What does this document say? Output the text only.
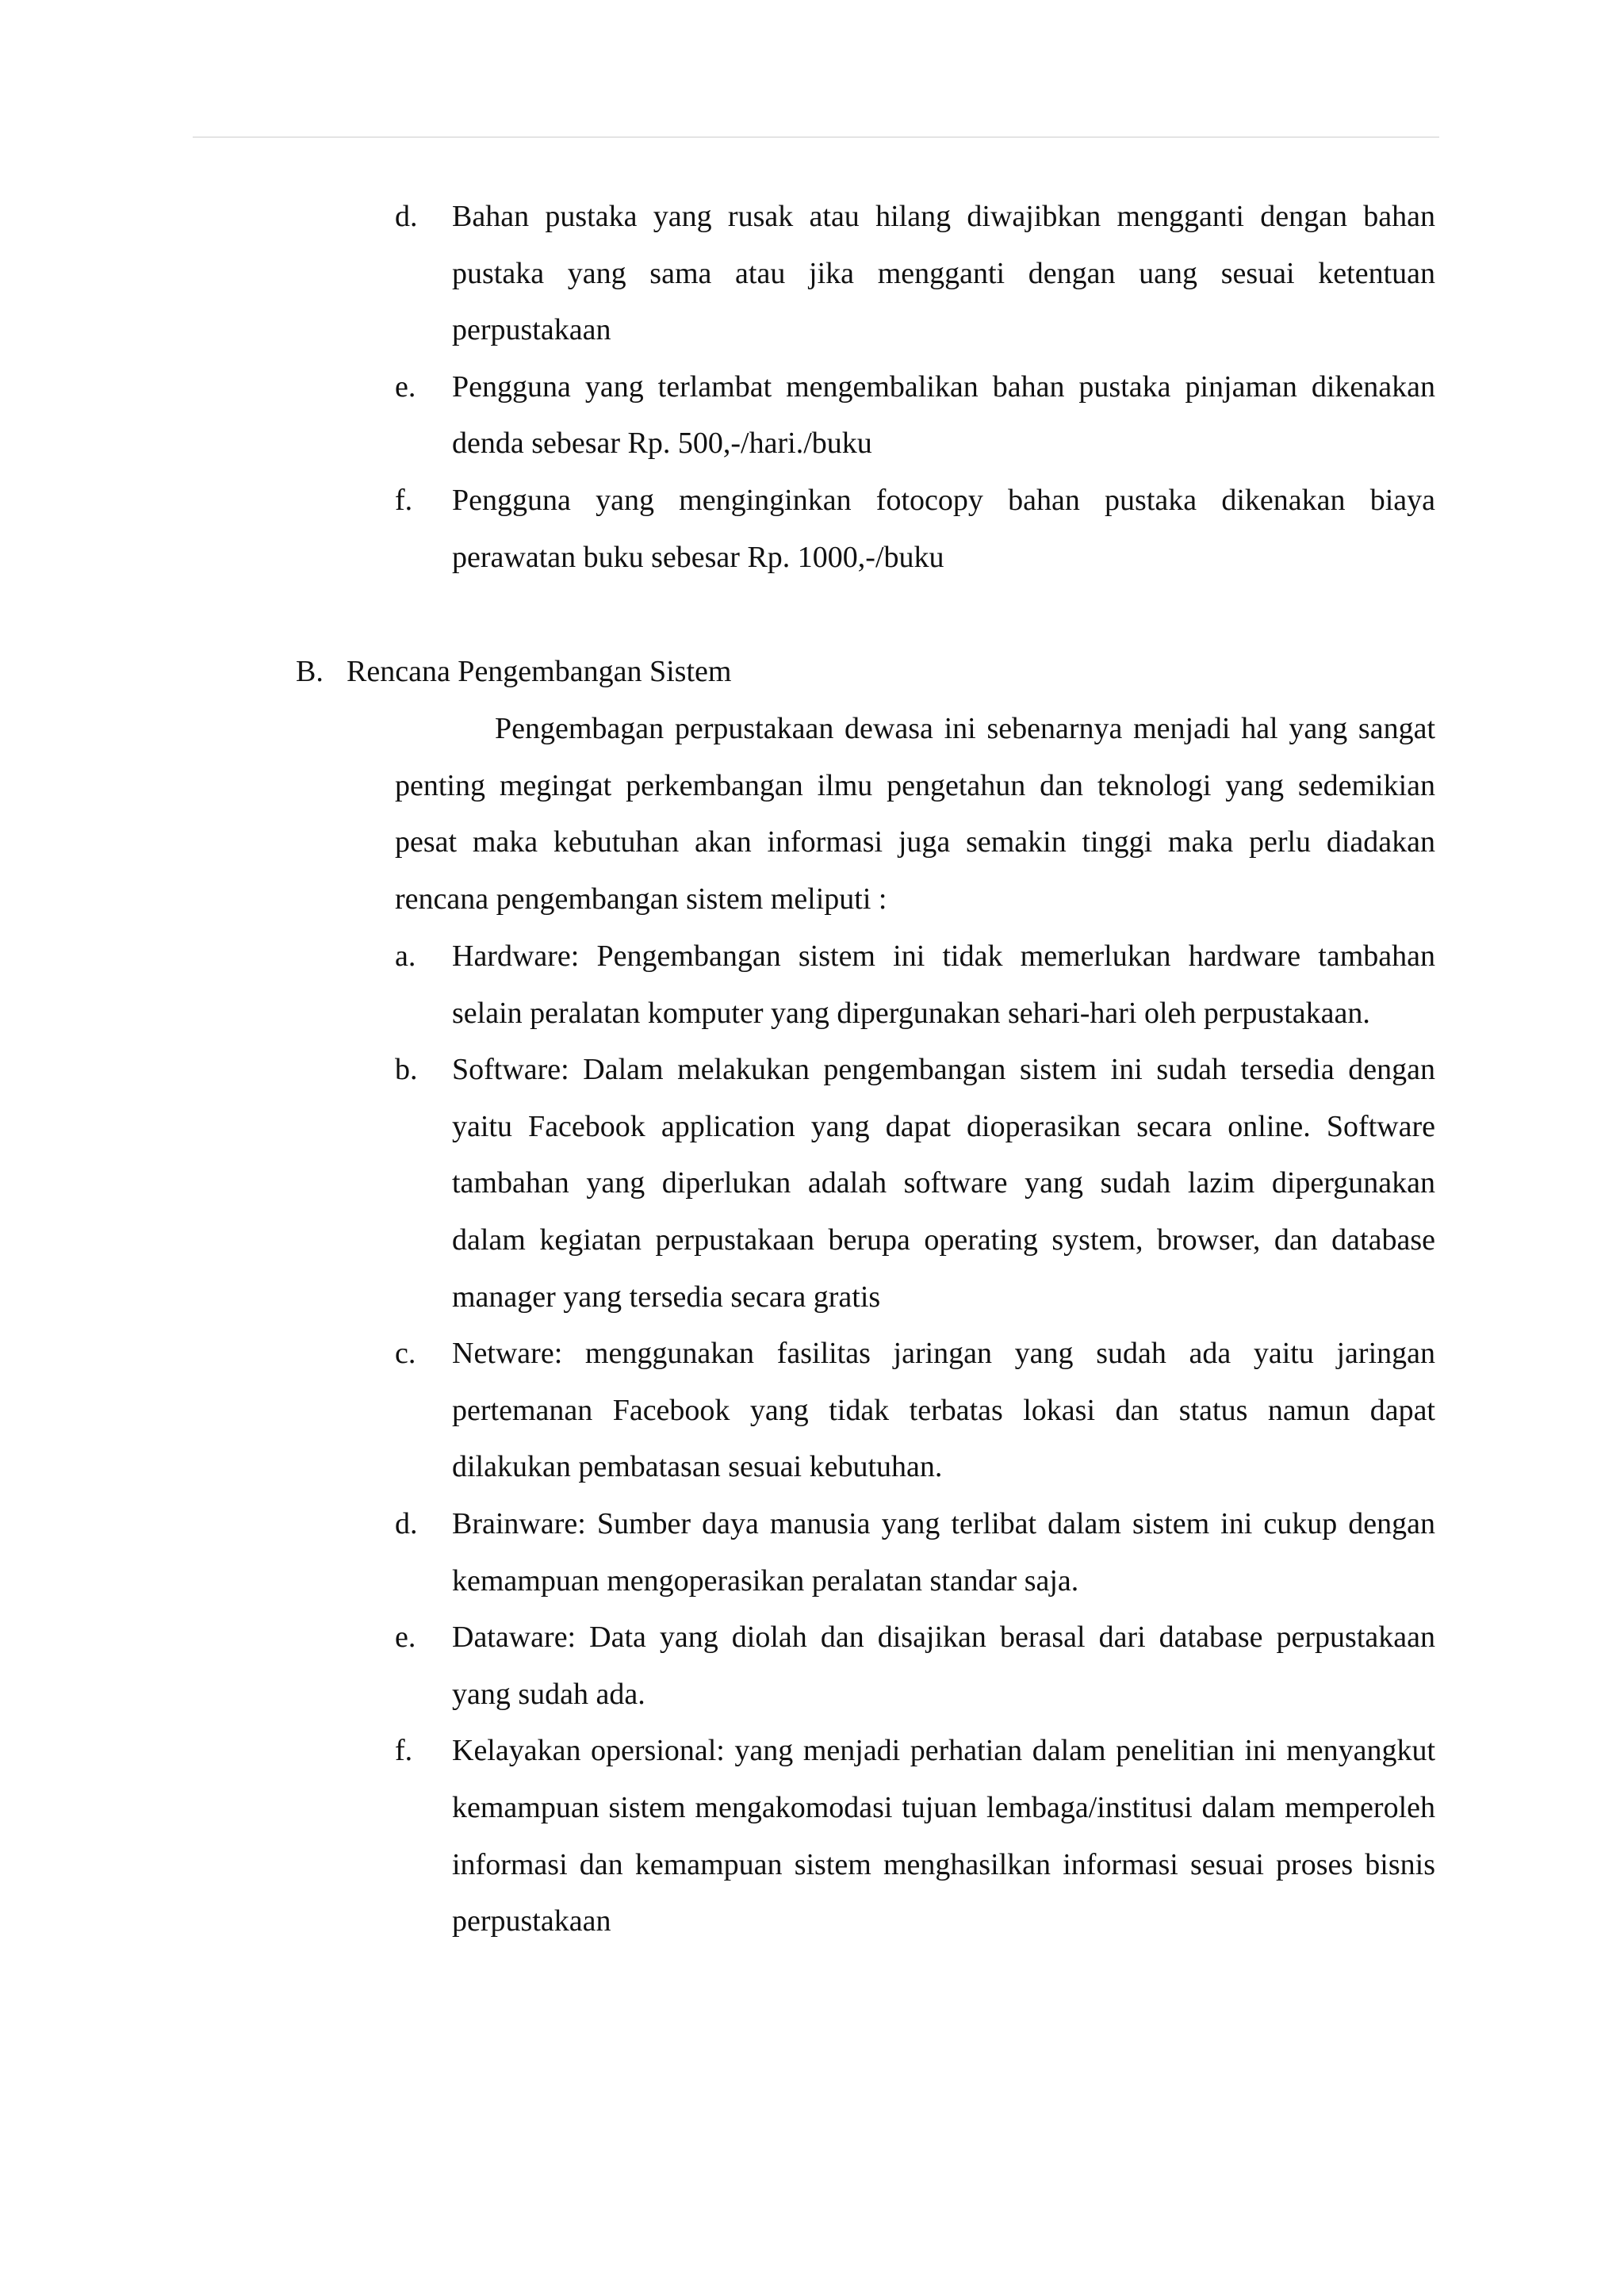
d. Bahan pustaka yang rusak atau hilang diwajibkan mengganti dengan bahan pustaka yang sama atau jika mengganti dengan uang sesuai ketentuan perpustakaan
e. Pengguna yang terlambat mengembalikan bahan pustaka pinjaman dikenakan denda sebesar Rp. 500,-/hari./buku
f. Pengguna yang menginginkan fotocopy bahan pustaka dikenakan biaya perawatan buku sebesar Rp. 1000,-/buku
B. Rencana Pengembangan Sistem

Pengembagan perpustakaan dewasa ini sebenarnya menjadi hal yang sangat penting megingat perkembangan ilmu pengetahun dan teknologi yang sedemikian pesat maka kebutuhan akan informasi juga semakin tinggi maka perlu diadakan rencana pengembangan sistem meliputi :

a. Hardware: Pengembangan sistem ini tidak memerlukan hardware tambahan selain peralatan komputer yang dipergunakan sehari-hari oleh perpustakaan.
b. Software: Dalam melakukan pengembangan sistem ini sudah tersedia dengan yaitu Facebook application yang dapat dioperasikan secara online. Software tambahan yang diperlukan adalah software yang sudah lazim dipergunakan dalam kegiatan perpustakaan berupa operating system, browser, dan database manager yang tersedia secara gratis
c. Netware: menggunakan fasilitas jaringan yang sudah ada yaitu jaringan pertemanan Facebook yang tidak terbatas lokasi dan status namun dapat dilakukan pembatasan sesuai kebutuhan.
d. Brainware: Sumber daya manusia yang terlibat dalam sistem ini cukup dengan kemampuan mengoperasikan peralatan standar saja.
e. Dataware: Data yang diolah dan disajikan berasal dari database perpustakaan yang sudah ada.
f. Kelayakan opersional: yang menjadi perhatian dalam penelitian ini menyangkut kemampuan sistem mengakomodasi tujuan lembaga/institusi dalam memperoleh informasi dan kemampuan sistem menghasilkan informasi sesuai proses bisnis perpustakaan
